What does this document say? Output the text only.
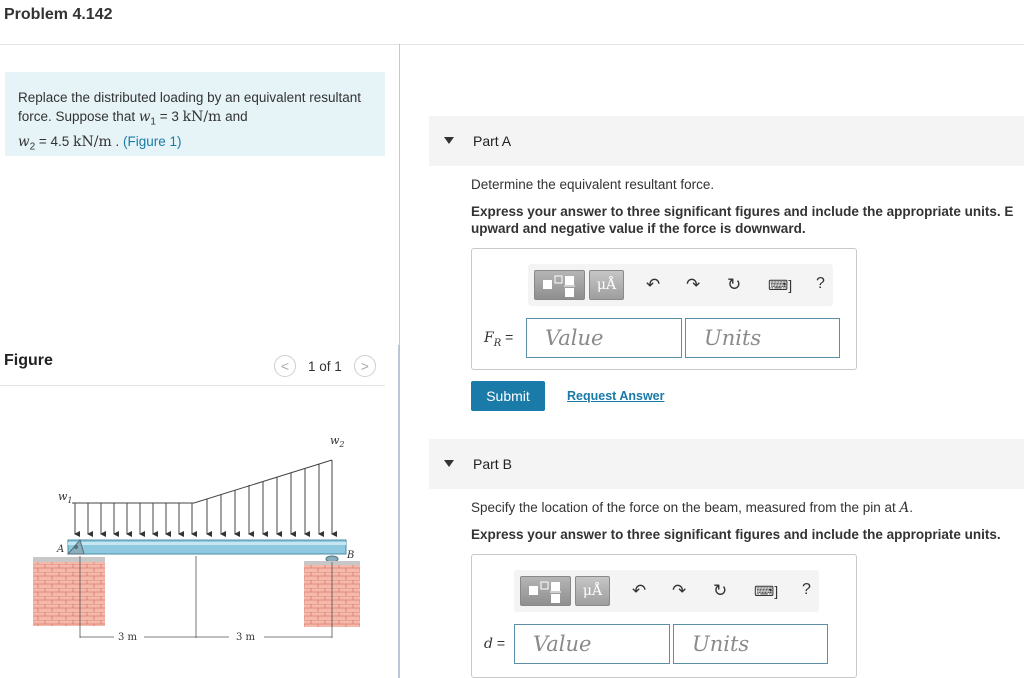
Problem 4.142
Replace the distributed loading by an equivalent resultant
force. Suppose that $w_1 = 3$ kN/m and
$w_2 = 4.5$ kN/m . (Figure 1)
Figure	<	1 of 1	>
$w_1$
$w_2$
A
B
3 m	3 m
Part A
Determine the equivalent resultant force.
Express your answer to three significant figures and include the appropriate units. E
upward and negative value if the force is downward.
μÅ	↶ ↷ ↻ ⌨] ?
$F_R$ =	Value	Units
Submit	Request Answer
Part B
Specify the location of the force on the beam, measured from the pin at A.
Express your answer to three significant figures and include the appropriate units.
μÅ	↶ ↷ ↻ ⌨] ?
d =	Value	Units
